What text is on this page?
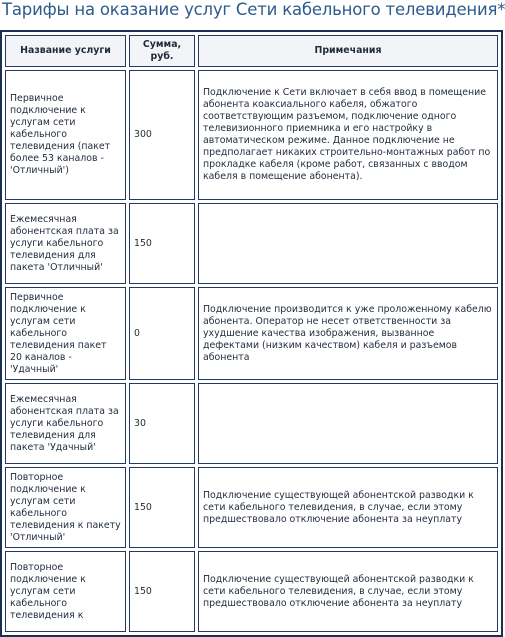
Тарифы на оказание услуг Сети кабельного телевидения*
Название услуги	Сумма, руб.	Примечания
Первичное подключение к услугам сети кабельного телевидения (пакет более 53 каналов - 'Отличный')	300	Подключение к Сети включает в себя ввод в помещение абонента коаксиального кабеля, обжатого соответствующим разъемом, подключение одного телевизионного приемника и его настройку в автоматическом режиме. Данное подключение не предполагает никаких строительно-монтажных работ по прокладке кабеля (кроме работ, связанных с вводом кабеля в помещение абонента).
Ежемесячная абонентская плата за услуги кабельного телевидения для пакета 'Отличный'	150	
Первичное подключение к услугам сети кабельного телевидения пакет 20 каналов - 'Удачный'	0	Подключение производится к уже проложенному кабелю абонента. Оператор не несет ответственности за ухудшение качества изображения, вызванное дефектами (низким качеством) кабеля и разъемов абонента
Ежемесячная абонентская плата за услуги кабельного телевидения для пакета 'Удачный'	30	
Повторное подключение к услугам сети кабельного телевидения к пакету 'Отличный'	150	Подключение существующей абонентской разводки к сети кабельного телевидения, в случае, если этому предшествовало отключение абонента за неуплату
Повторное подключение к услугам сети кабельного телевидения к	150	Подключение существующей абонентской разводки к сети кабельного телевидения, в случае, если этому предшествовало отключение абонента за неуплату
